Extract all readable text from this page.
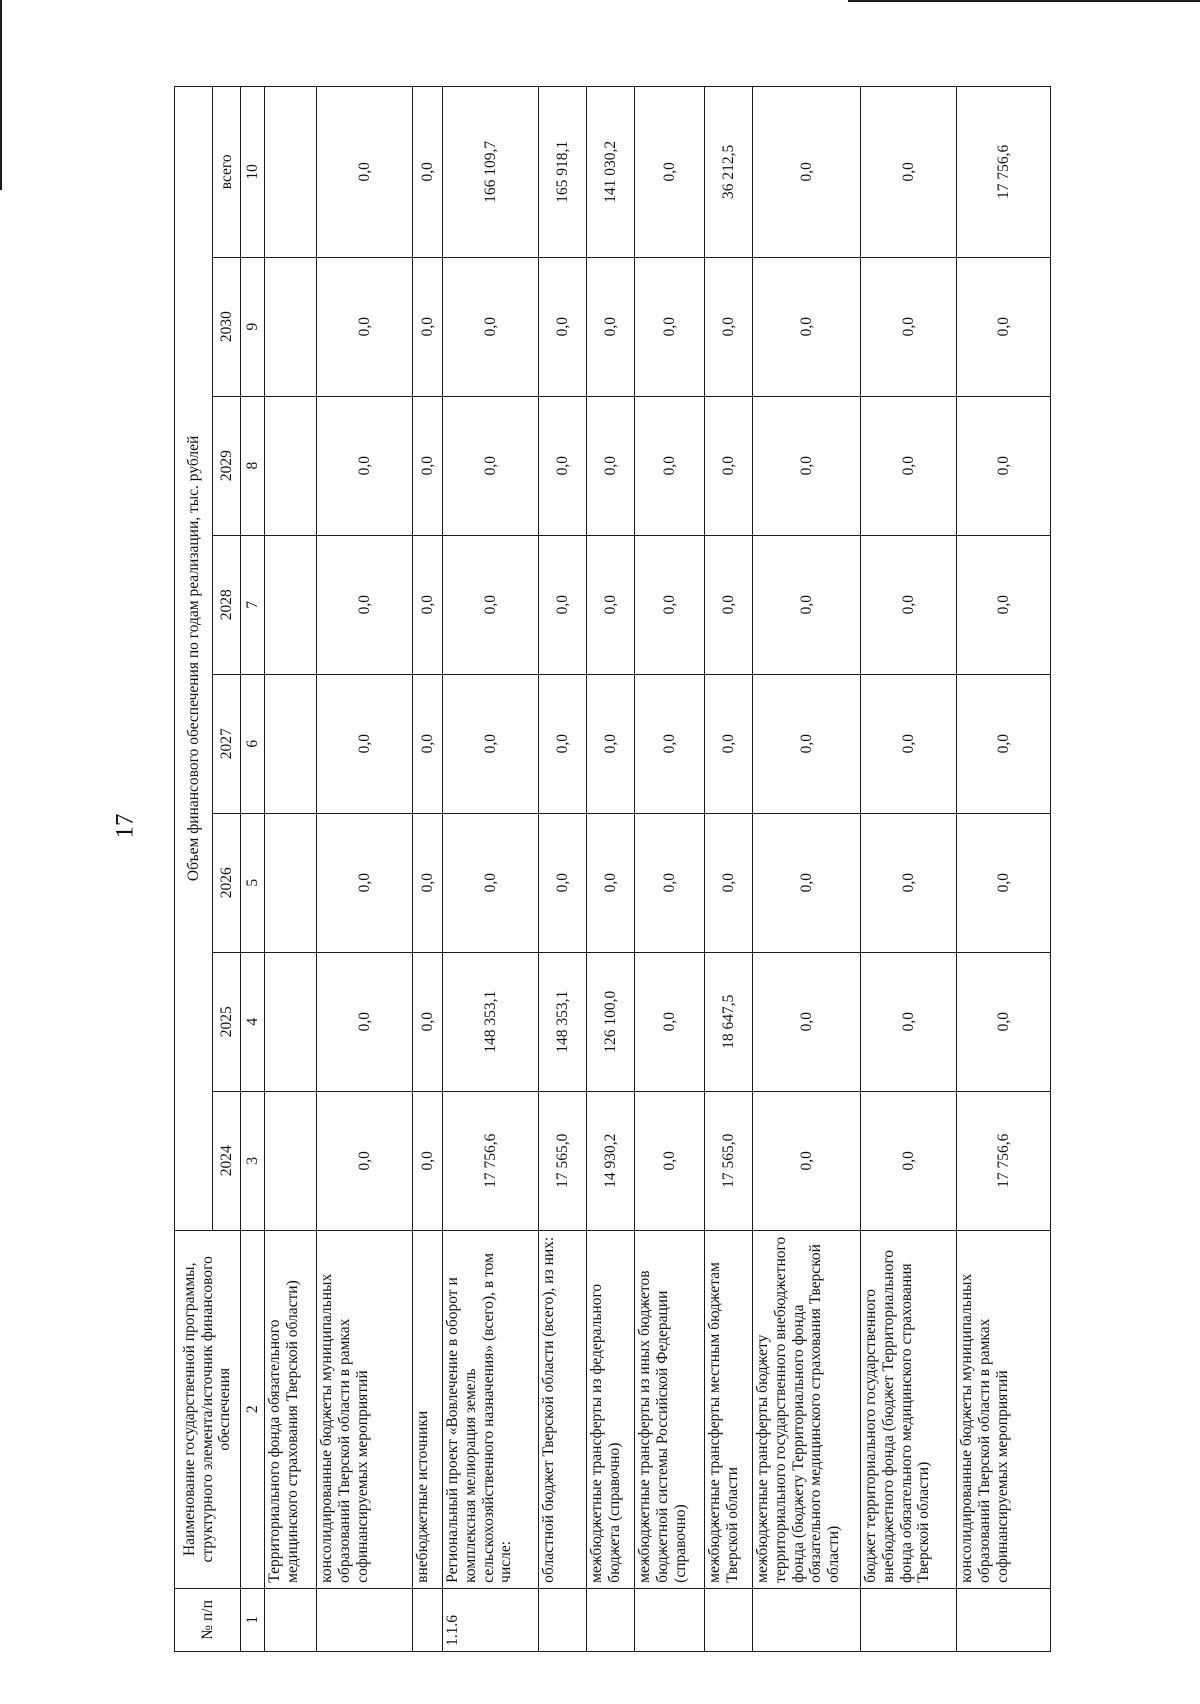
17
№ п/п	Наименование государственной программы, структурного элемента/источник финансового обеспечения	Объем финансового обеспечения по годам реализации, тыс. рублей							
		2024	2025	2026	2027	2028	2029	2030	всего
1	2	3	4	5	6	7	8	9	10
	Территориального фонда обязательного медицинского страхования Тверской области)								
	консолидированные бюджеты муниципальных образований Тверской области в рамках софинансируемых мероприятий	0,0	0,0	0,0	0,0	0,0	0,0	0,0	0,0
	внебюджетные источники	0,0	0,0	0,0	0,0	0,0	0,0	0,0	0,0
1.1.6	Региональный проект «Вовлечение в оборот и комплексная мелиорация земель сельскохозяйственного назначения» (всего), в том числе:	17 756,6	148 353,1	0,0	0,0	0,0	0,0	0,0	166 109,7
	областной бюджет Тверской области (всего), из них:	17 565,0	148 353,1	0,0	0,0	0,0	0,0	0,0	165 918,1
	межбюджетные трансферты из федерального бюджета (справочно)	14 930,2	126 100,0	0,0	0,0	0,0	0,0	0,0	141 030,2
	межбюджетные трансферты из иных бюджетов бюджетной системы Российской Федерации (справочно)	0,0	0,0	0,0	0,0	0,0	0,0	0,0	0,0
	межбюджетные трансферты местным бюджетам Тверской области	17 565,0	18 647,5	0,0	0,0	0,0	0,0	0,0	36 212,5
	межбюджетные трансферты бюджету территориального государственного внебюджетного фонда (бюджету Территориального фонда обязательного медицинского страхования Тверской области)	0,0	0,0	0,0	0,0	0,0	0,0	0,0	0,0
	бюджет территориального государственного внебюджетного фонда (бюджет Территориального фонда обязательного медицинского страхования Тверской области)	0,0	0,0	0,0	0,0	0,0	0,0	0,0	0,0
	консолидированные бюджеты муниципальных образований Тверской области в рамках софинансируемых мероприятий	17 756,6	0,0	0,0	0,0	0,0	0,0	0,0	17 756,6
